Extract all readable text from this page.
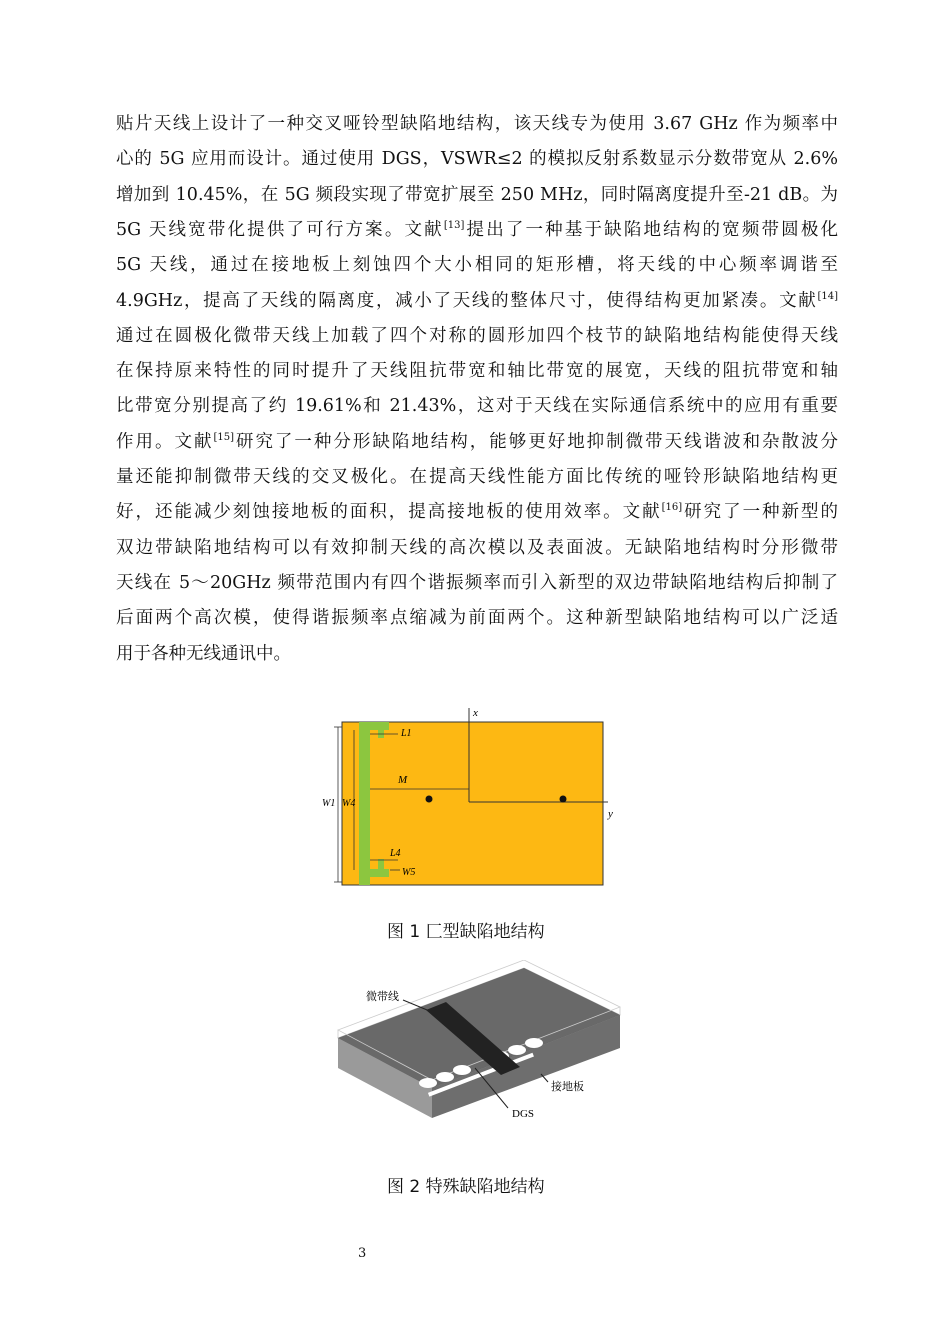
贴片天线上设计了一种交叉哑铃型缺陷地结构，该天线专为使用 3.67 GHz 作为频率中
心的 5G 应用而设计。通过使用 DGS，VSWR≤2 的模拟反射系数显示分数带宽从 2.6%
增加到 10.45%，在 5G 频段实现了带宽扩展至 250 MHz，同时隔离度提升至-21 dB。为
5G 天线宽带化提供了可行方案。文献[13]提出了一种基于缺陷地结构的宽频带圆极化
5G 天线，通过在接地板上刻蚀四个大小相同的矩形槽，将天线的中心频率调谐至
4.9GHz，提高了天线的隔离度，减小了天线的整体尺寸，使得结构更加紧凑。文献[14]
通过在圆极化微带天线上加载了四个对称的圆形加四个枝节的缺陷地结构能使得天线
在保持原来特性的同时提升了天线阻抗带宽和轴比带宽的展宽，天线的阻抗带宽和轴
比带宽分别提高了约 19.61%和 21.43%，这对于天线在实际通信系统中的应用有重要
作用。文献[15]研究了一种分形缺陷地结构，能够更好地抑制微带天线谐波和杂散波分
量还能抑制微带天线的交叉极化。在提高天线性能方面比传统的哑铃形缺陷地结构更
好，还能减少刻蚀接地板的面积，提高接地板的使用效率。文献[16]研究了一种新型的
双边带缺陷地结构可以有效抑制天线的高次模以及表面波。无缺陷地结构时分形微带
天线在 5～20GHz 频带范围内有四个谐振频率而引入新型的双边带缺陷地结构后抑制了
后面两个高次模，使得谐振频率点缩减为前面两个。这种新型缺陷地结构可以广泛适
用于各种无线通讯中。
x
y
M
L1
L4
W5
W1 W4
图 1 匚型缺陷地结构
微带线
接地板
DGS
图 2 特殊缺陷地结构
3
